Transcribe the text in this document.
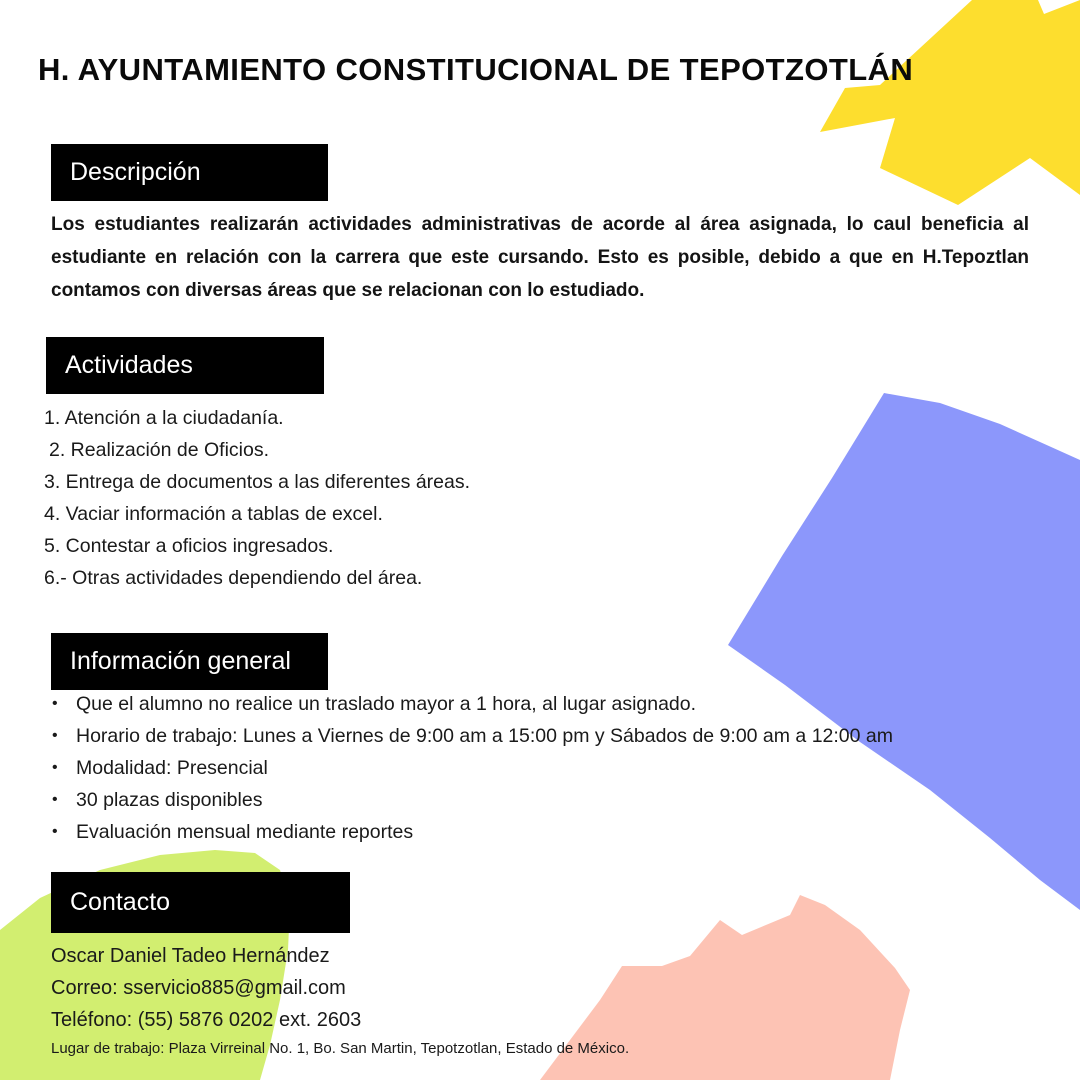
H. AYUNTAMIENTO CONSTITUCIONAL DE TEPOTZOTLÁN
Descripción

Los estudiantes realizarán actividades administrativas de acorde al área asignada, lo caul beneficia al estudiante en relación con la carrera que este cursando. Esto es posible, debido a que en H.Tepoztlan contamos con diversas áreas que se relacionan con lo estudiado.

Actividades
1. Atención a la ciudadanía.
2. Realización de Oficios.
3. Entrega de documentos a las diferentes áreas.
4. Vaciar información a tablas de excel.
5. Contestar a oficios ingresados.
6.- Otras actividades dependiendo del área.
Información general
• Que el alumno no realice un traslado mayor a 1 hora, al lugar asignado.
• Horario de trabajo: Lunes a Viernes de 9:00 am a 15:00 pm y Sábados de 9:00 am a 12:00 am
• Modalidad: Presencial
• 30 plazas disponibles
• Evaluación mensual mediante reportes
Contacto
Oscar Daniel Tadeo Hernández
Correo: sservicio885@gmail.com
Teléfono: (55) 5876 0202 ext. 2603
Lugar de trabajo: Plaza Virreinal No. 1, Bo. San Martin, Tepotzotlan, Estado de México.
